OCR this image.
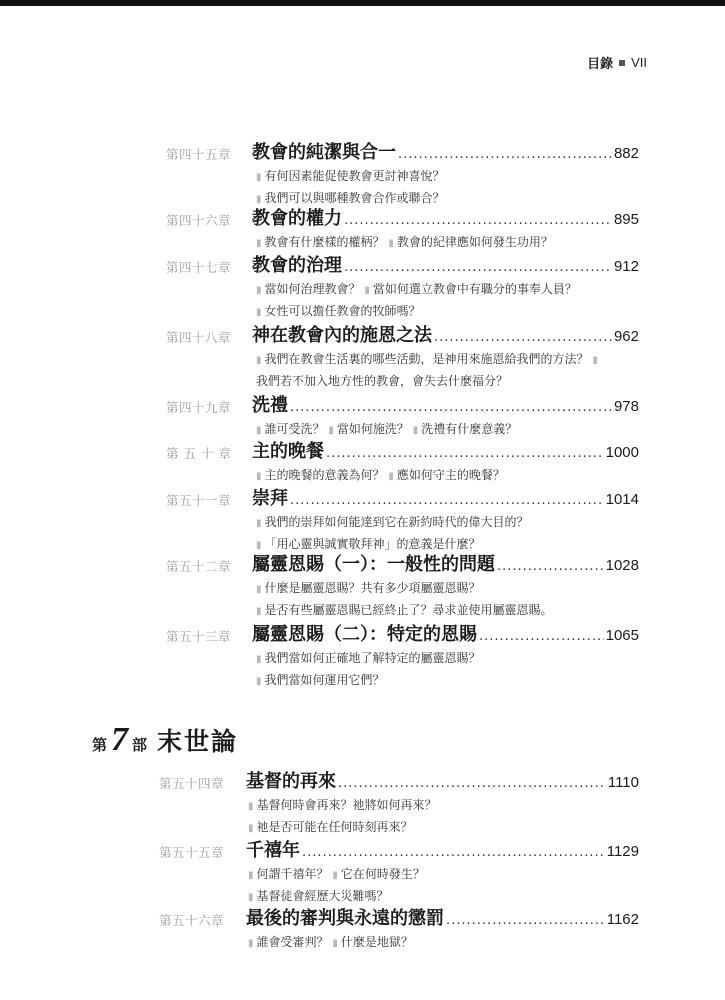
目錄 VII
第四十五章 教會的純潔與合一 .....	882
▮ 有何因素能促使教會更討神喜悅？
▮ 我們可以與哪種教會合作或聯合？
第四十六章 教會的權力 .....	895
▮ 教會有什麼樣的權柄？ ▮ 教會的紀律應如何發生功用？
第四十七章 教會的治理 .....	912
▮ 當如何治理教會？ ▮ 當如何選立教會中有職分的事奉人員？ ▮ 女性可以擔任教會的牧師嗎？
第四十八章 神在教會內的施恩之法 .....	962
▮ 我們在教會生活裏的哪些活動，是神用來施恩給我們的方法？ ▮我們若不加入地方性的教會，會失去什麼福分？
第四十九章 洗禮 .....	978
▮ 誰可受洗？ ▮ 當如何施洗？ ▮ 洗禮有什麼意義？
第 五 十 章 主的晚餐 .....	1000
▮ 主的晚餐的意義為何？ ▮ 應如何守主的晚餐？
第五十一章 崇拜 .....	1014
▮ 我們的崇拜如何能達到它在新約時代的偉大目的？
▮ 「用心靈與誠實敬拜神」的意義是什麼？
第五十二章 屬靈恩賜（一）：一般性的問題 .....	1028
▮ 什麼是屬靈恩賜？共有多少項屬靈恩賜？
▮ 是否有些屬靈恩賜已經終止了？尋求並使用屬靈恩賜。
第五十三章 屬靈恩賜（二）：特定的恩賜 .....	1065
▮ 我們當如何正確地了解特定的屬靈恩賜？
▮ 我們當如何運用它們？
第 7 部 末世論
第五十四章 基督的再來 .....	1110
▮ 基督何時會再來？祂將如何再來？
▮ 祂是否可能在任何時刻再來？
第五十五章 千禧年 .....	1129
▮ 何謂千禧年？ ▮ 它在何時發生？
▮ 基督徒會經歷大災難嗎？
第五十六章 最後的審判與永遠的懲罰 .....	1162
▮ 誰會受審判？ ▮ 什麼是地獄？
